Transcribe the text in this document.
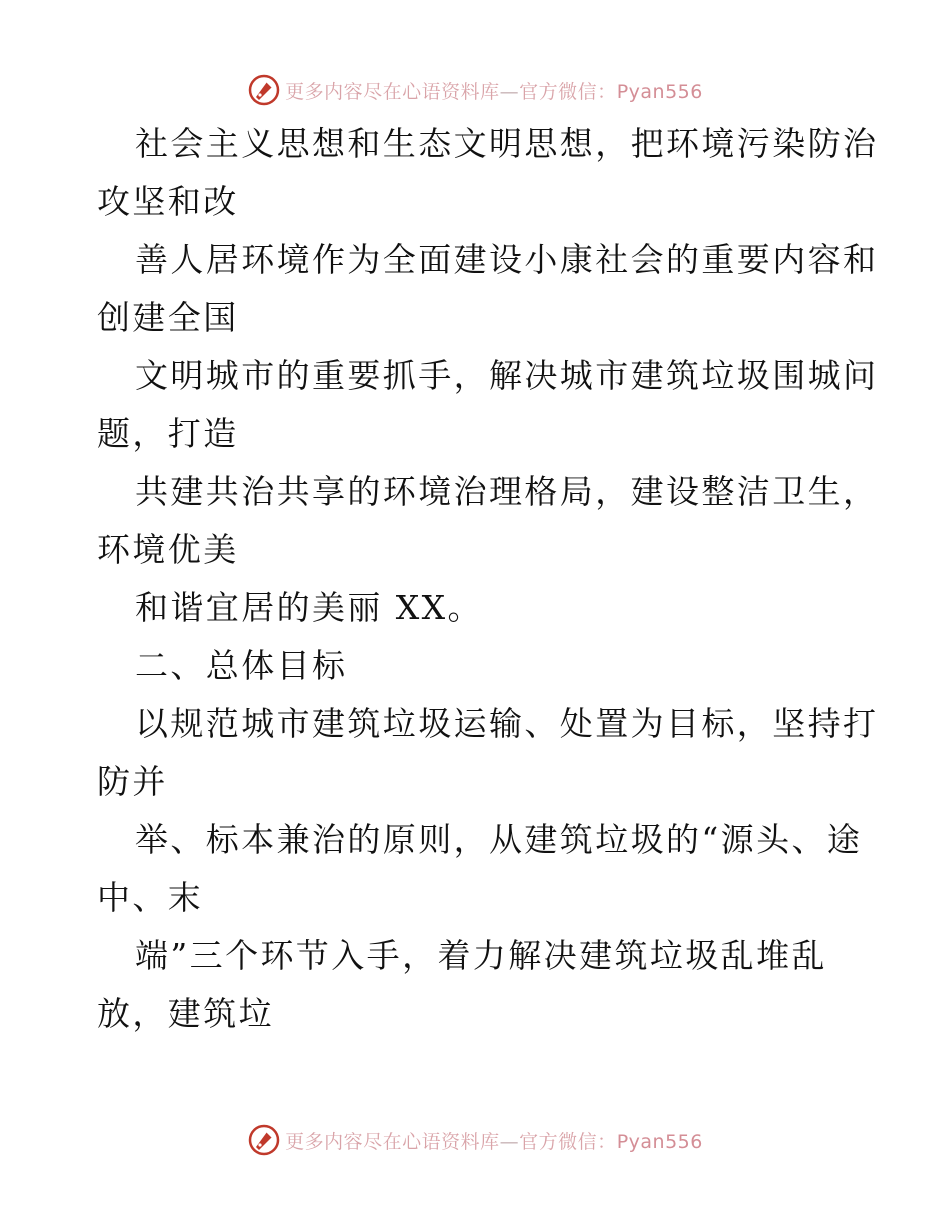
更多内容尽在心语资料库—官方微信：Pyan556
社会主义思想和生态文明思想，把环境污染防治
攻坚和改
善人居环境作为全面建设小康社会的重要内容和
创建全国
文明城市的重要抓手，解决城市建筑垃圾围城问
题，打造
共建共治共享的环境治理格局，建设整洁卫生，
环境优美
和谐宜居的美丽 XX。
二、总体目标
以规范城市建筑垃圾运输、处置为目标，坚持打
防并
举、标本兼治的原则，从建筑垃圾的“源头、途
中、末
端”三个环节入手，着力解决建筑垃圾乱堆乱
放，建筑垃
更多内容尽在心语资料库—官方微信：Pyan556
